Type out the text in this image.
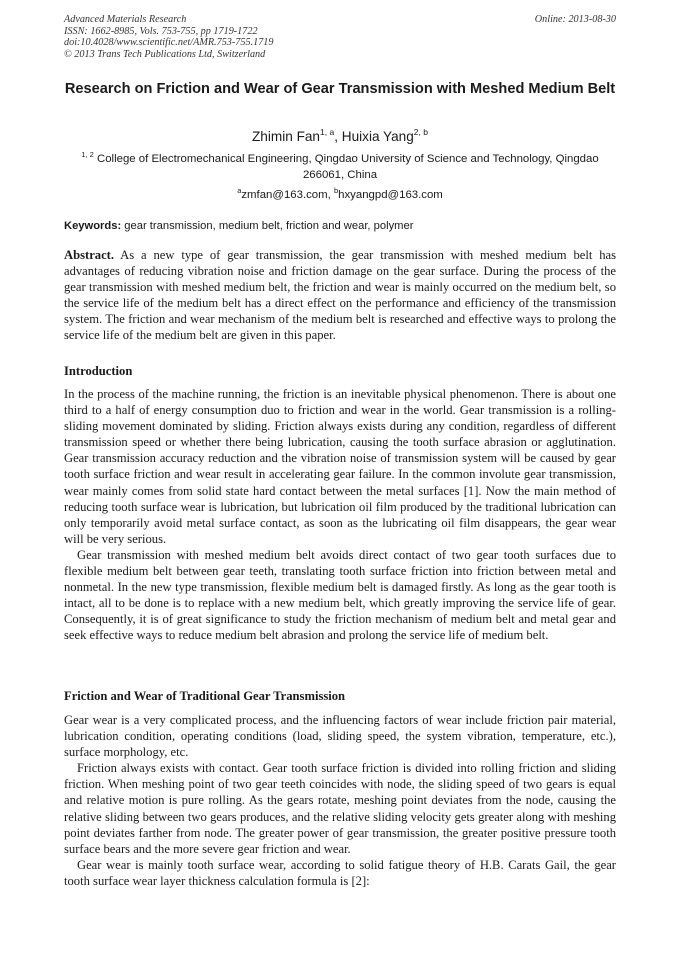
Advanced Materials Research
ISSN: 1662-8985, Vols. 753-755, pp 1719-1722
doi:10.4028/www.scientific.net/AMR.753-755.1719
© 2013 Trans Tech Publications Ltd, Switzerland
Online: 2013-08-30
Research on Friction and Wear of Gear Transmission with Meshed Medium Belt
Zhimin Fan$^{1, a}$, Huixia Yang$^{2, b}$
$^{1, 2}$ College of Electromechanical Engineering, Qingdao University of Science and Technology, Qingdao 266061, China
$^a$zmfan@163.com, $^b$hxyangpd@163.com
Keywords: gear transmission, medium belt, friction and wear, polymer

Abstract. As a new type of gear transmission, the gear transmission with meshed medium belt has advantages of reducing vibration noise and friction damage on the gear surface. During the process of the gear transmission with meshed medium belt, the friction and wear is mainly occurred on the medium belt, so the service life of the medium belt has a direct effect on the performance and efficiency of the transmission system. The friction and wear mechanism of the medium belt is researched and effective ways to prolong the service life of the medium belt are given in this paper.

Introduction

In the process of the machine running, the friction is an inevitable physical phenomenon. There is about one third to a half of energy consumption duo to friction and wear in the world. Gear transmission is a rolling-sliding movement dominated by sliding. Friction always exists during any condition, regardless of different transmission speed or whether there being lubrication, causing the tooth surface abrasion or agglutination. Gear transmission accuracy reduction and the vibration noise of transmission system will be caused by gear tooth surface friction and wear result in accelerating gear failure. In the common involute gear transmission, wear mainly comes from solid state hard contact between the metal surfaces [1]. Now the main method of reducing tooth surface wear is lubrication, but lubrication oil film produced by the traditional lubrication can only temporarily avoid metal surface contact, as soon as the lubricating oil film disappears, the gear wear will be very serious.

Gear transmission with meshed medium belt avoids direct contact of two gear tooth surfaces due to flexible medium belt between gear teeth, translating tooth surface friction into friction between metal and nonmetal. In the new type transmission, flexible medium belt is damaged firstly. As long as the gear tooth is intact, all to be done is to replace with a new medium belt, which greatly improving the service life of gear. Consequently, it is of great significance to study the friction mechanism of medium belt and metal gear and seek effective ways to reduce medium belt abrasion and prolong the service life of medium belt.

Friction and Wear of Traditional Gear Transmission

Gear wear is a very complicated process, and the influencing factors of wear include friction pair material, lubrication condition, operating conditions (load, sliding speed, the system vibration, temperature, etc.), surface morphology, etc.

Friction always exists with contact. Gear tooth surface friction is divided into rolling friction and sliding friction. When meshing point of two gear teeth coincides with node, the sliding speed of two gears is equal and relative motion is pure rolling. As the gears rotate, meshing point deviates from the node, causing the relative sliding between two gears produces, and the relative sliding velocity gets greater along with meshing point deviates farther from node. The greater power of gear transmission, the greater positive pressure tooth surface bears and the more severe gear friction and wear.

Gear wear is mainly tooth surface wear, according to solid fatigue theory of H.B. Carats Gail, the gear tooth surface wear layer thickness calculation formula is [2]:
